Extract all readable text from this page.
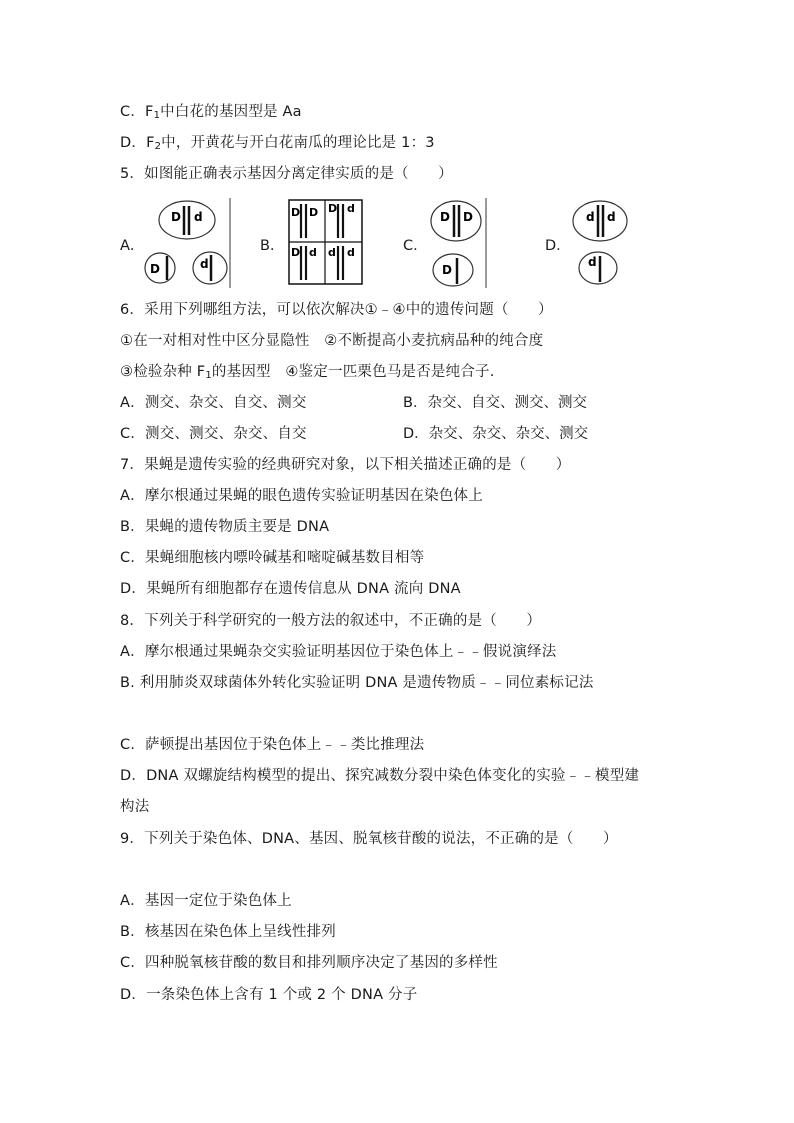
C．$F_1$中白花的基因型是 Aa
D．$F_2$中，开黄花与开白花南瓜的理论比是 1：3
5．如图能正确表示基因分离定律实质的是（　　）
A．	B．	C．	D．
D d
D	d
D D D d
D d d d
D D
D
d d
d
6．采用下列哪组方法，可以依次解决①﹣④中的遗传问题（　　）
①在一对相对性中区分显隐性　②不断提高小麦抗病品种的纯合度
③检验杂种 $F_1$的基因型　④鉴定一匹栗色马是否是纯合子.
A．测交、杂交、自交、测交	B．杂交、自交、测交、测交
C．测交、测交、杂交、自交	D．杂交、杂交、杂交、测交
7．果蝇是遗传实验的经典研究对象，以下相关描述正确的是（　　）
A．摩尔根通过果蝇的眼色遗传实验证明基因在染色体上
B．果蝇的遗传物质主要是 DNA
C．果蝇细胞核内嘌呤碱基和嘧啶碱基数目相等
D．果蝇所有细胞都存在遗传信息从 DNA 流向 DNA
8．下列关于科学研究的一般方法的叙述中，不正确的是（　　）
A．摩尔根通过果蝇杂交实验证明基因位于染色体上﹣﹣假说演绎法
B. 利用肺炎双球菌体外转化实验证明 DNA 是遗传物质﹣﹣同位素标记法
C．萨顿提出基因位于染色体上﹣﹣类比推理法
D．DNA 双螺旋结构模型的提出、探究减数分裂中染色体变化的实验﹣﹣模型建
构法
9．下列关于染色体、DNA、基因、脱氧核苷酸的说法，不正确的是（　　）
A．基因一定位于染色体上
B．核基因在染色体上呈线性排列
C．四种脱氧核苷酸的数目和排列顺序决定了基因的多样性
D．一条染色体上含有 1 个或 2 个 DNA 分子
